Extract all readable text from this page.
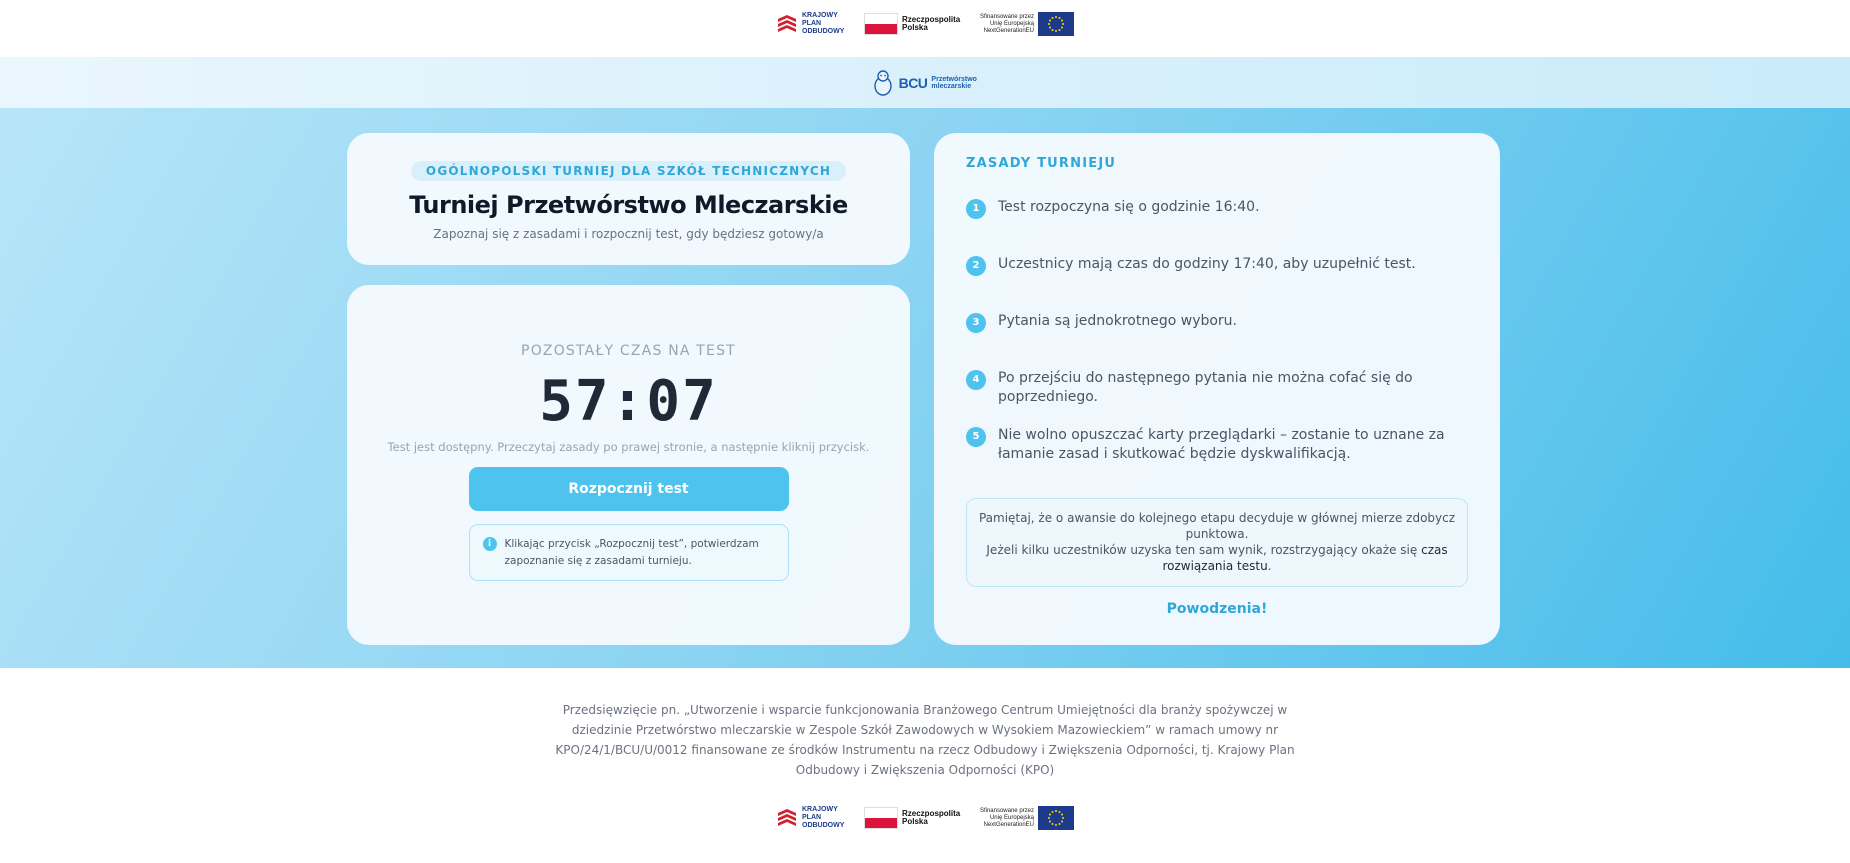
KRAJOWY PLAN ODBUDOWY
Rzeczpospolita Polska
Sfinansowane przez Unię Europejską NextGenerationEU
BCU Przetwórstwo mleczarskie
OGÓLNOPOLSKI TURNIEJ DLA SZKÓŁ TECHNICZNYCH
Turniej Przetwórstwo Mleczarskie

Zapoznaj się z zasadami i rozpocznij test, gdy będziesz gotowy/a

POZOSTAŁY CZAS NA TEST
57:07

Test jest dostępny. Przeczytaj zasady po prawej stronie, a następnie kliknij przycisk.

Rozpocznij test
i	Klikając przycisk „Rozpocznij test”, potwierdzam zapoznanie się z zasadami turnieju.
ZASADY TURNIEJU
1	Test rozpoczyna się o godzinie 16:40.
2	Uczestnicy mają czas do godziny 17:40, aby uzupełnić test.
3	Pytania są jednokrotnego wyboru.
4	Po przejściu do następnego pytania nie można cofać się do poprzedniego.
5	Nie wolno opuszczać karty przeglądarki – zostanie to uznane za łamanie zasad i skutkować będzie dyskwalifikacją.
Pamiętaj, że o awansie do kolejnego etapu decyduje w głównej mierze zdobycz punktowa.
Jeżeli kilku uczestników uzyska ten sam wynik, rozstrzygający okaże się czas rozwiązania testu.
Powodzenia!

Przedsięwzięcie pn. „Utworzenie i wsparcie funkcjonowania Branżowego Centrum Umiejętności dla branży spożywczej w dziedzinie Przetwórstwo mleczarskie w Zespole Szkół Zawodowych w Wysokiem Mazowieckiem” w ramach umowy nr KPO/24/1/BCU/U/0012 finansowane ze środków Instrumentu na rzecz Odbudowy i Zwiększenia Odporności, tj. Krajowy Plan Odbudowy i Zwiększenia Odporności (KPO)

KRAJOWY PLAN ODBUDOWY
Rzeczpospolita Polska
Sfinansowane przez Unię Europejską NextGenerationEU
